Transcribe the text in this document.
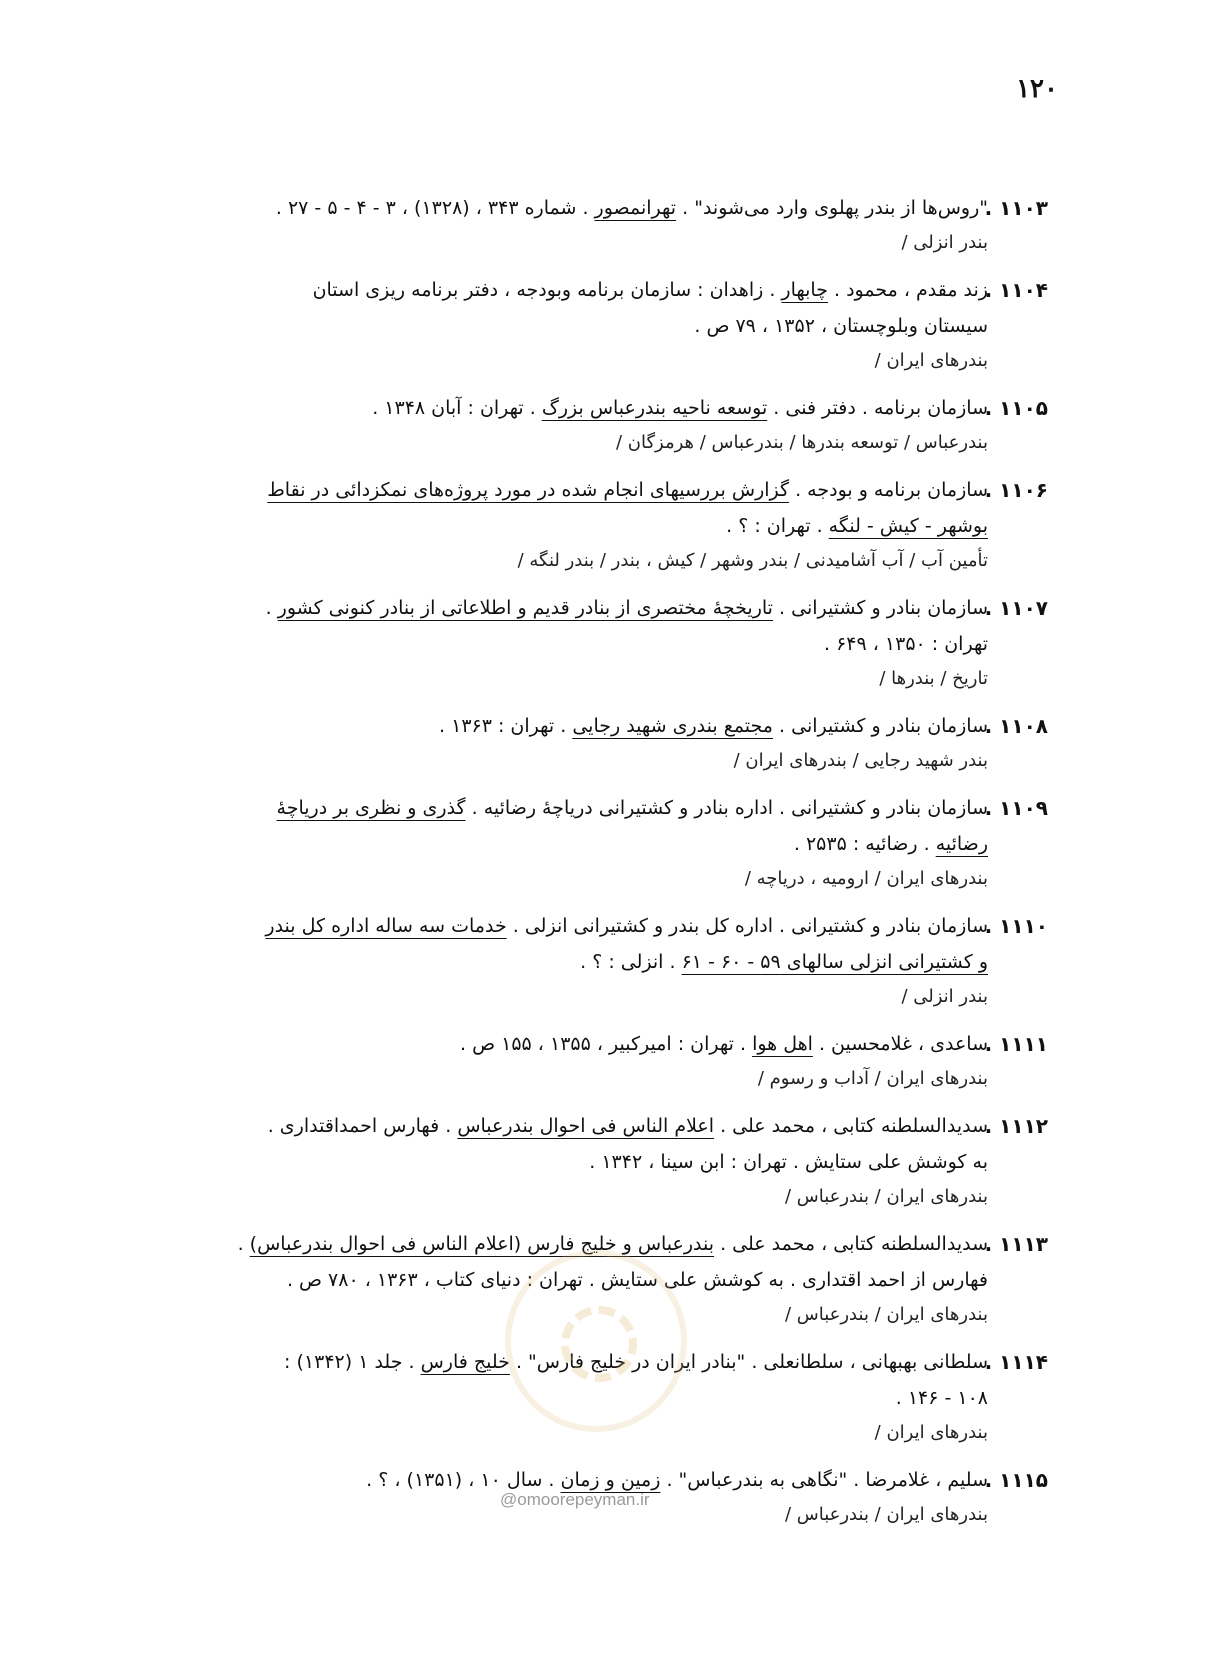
۱۲۰
۱۱۰۳ .
"روس‌ها از بندر پهلوی وارد می‌شوند" . تهرانمصور . شماره ۳۴۳ ، (۱۳۲۸) ، ۳ - ۴ - ۵ - ۲۷ .
بندر انزلی /
۱۱۰۴ .
زند مقدم ، محمود . چابهار . زاهدان : سازمان برنامه وبودجه ، دفتر برنامه ریزی استان
سیستان وبلوچستان ، ۱۳۵۲ ، ۷۹ ص .
بندرهای ایران /
۱۱۰۵ .
سازمان برنامه . دفتر فنی . توسعه ناحیه بندرعباس بزرگ . تهران : آبان ۱۳۴۸ .
بندرعباس / توسعه بندرها / بندرعباس / هرمزگان /
۱۱۰۶ .
سازمان برنامه و بودجه . گزارش بررسیهای انجام شده در مورد پروژه‌های نمکزدائی در نقاط
بوشهر - کیش - لنگه . تهران : ؟ .
تأمین آب / آب آشامیدنی / بندر وشهر / کیش ، بندر / بندر لنگه /
۱۱۰۷ .
سازمان بنادر و کشتیرانی . تاریخچه‌ٔ مختصری از بنادر قدیم و اطلاعاتی از بنادر کنونی کشور .
تهران : ۱۳۵۰ ، ۶۴۹ .
تاریخ / بندرها /
۱۱۰۸ .
سازمان بنادر و کشتیرانی . مجتمع بندری شهید رجایی . تهران : ۱۳۶۳ .
بندر شهید رجایی / بندرهای ایران /
۱۱۰۹ .
سازمان بنادر و کشتیرانی . اداره بنادر و کشتیرانی دریاچه‌ٔ رضائیه . گذری و نظری بر دریاچه‌ٔ
رضائیه . رضائیه : ۲۵۳۵ .
بندرهای ایران / ارومیه ، دریاچه /
۱۱۱۰ .
سازمان بنادر و کشتیرانی . اداره کل بندر و کشتیرانی انزلی . خدمات سه ساله اداره کل بندر
و کشتیرانی انزلی سالهای ۵۹ - ۶۰ - ۶۱ . انزلی : ؟ .
بندر انزلی /
۱۱۱۱ .
ساعدی ، غلامحسین . اهل هوا . تهران : امیرکبیر ، ۱۳۵۵ ، ۱۵۵ ص .
بندرهای ایران / آداب و رسوم /
۱۱۱۲ .
سدیدالسلطنه کتابی ، محمد علی . اعلام الناس فی احوال بندرعباس . فهارس احمداقتداری .
به کوشش علی ستایش . تهران : ابن سینا ، ۱۳۴۲ .
بندرهای ایران / بندرعباس /
۱۱۱۳ .
سدیدالسلطنه کتابی ، محمد علی . بندرعباس و خلیج فارس (اعلام الناس فی احوال بندرعباس) .
فهارس از احمد اقتداری . به کوشش علی ستایش . تهران : دنیای کتاب ، ۱۳۶۳ ، ۷۸۰ ص .
بندرهای ایران / بندرعباس /
۱۱۱۴ .
سلطانی بهبهانی ، سلطانعلی . "بنادر ایران در خلیج فارس" . خلیج فارس . جلد ۱ (۱۳۴۲) :
۱۰۸ - ۱۴۶ .
بندرهای ایران /
۱۱۱۵ .
سلیم ، غلامرضا . "نگاهی به بندرعباس" . زمین و زمان . سال ۱۰ ، (۱۳۵۱) ، ؟ .
بندرهای ایران / بندرعباس /
@omoorepeyman.ir
